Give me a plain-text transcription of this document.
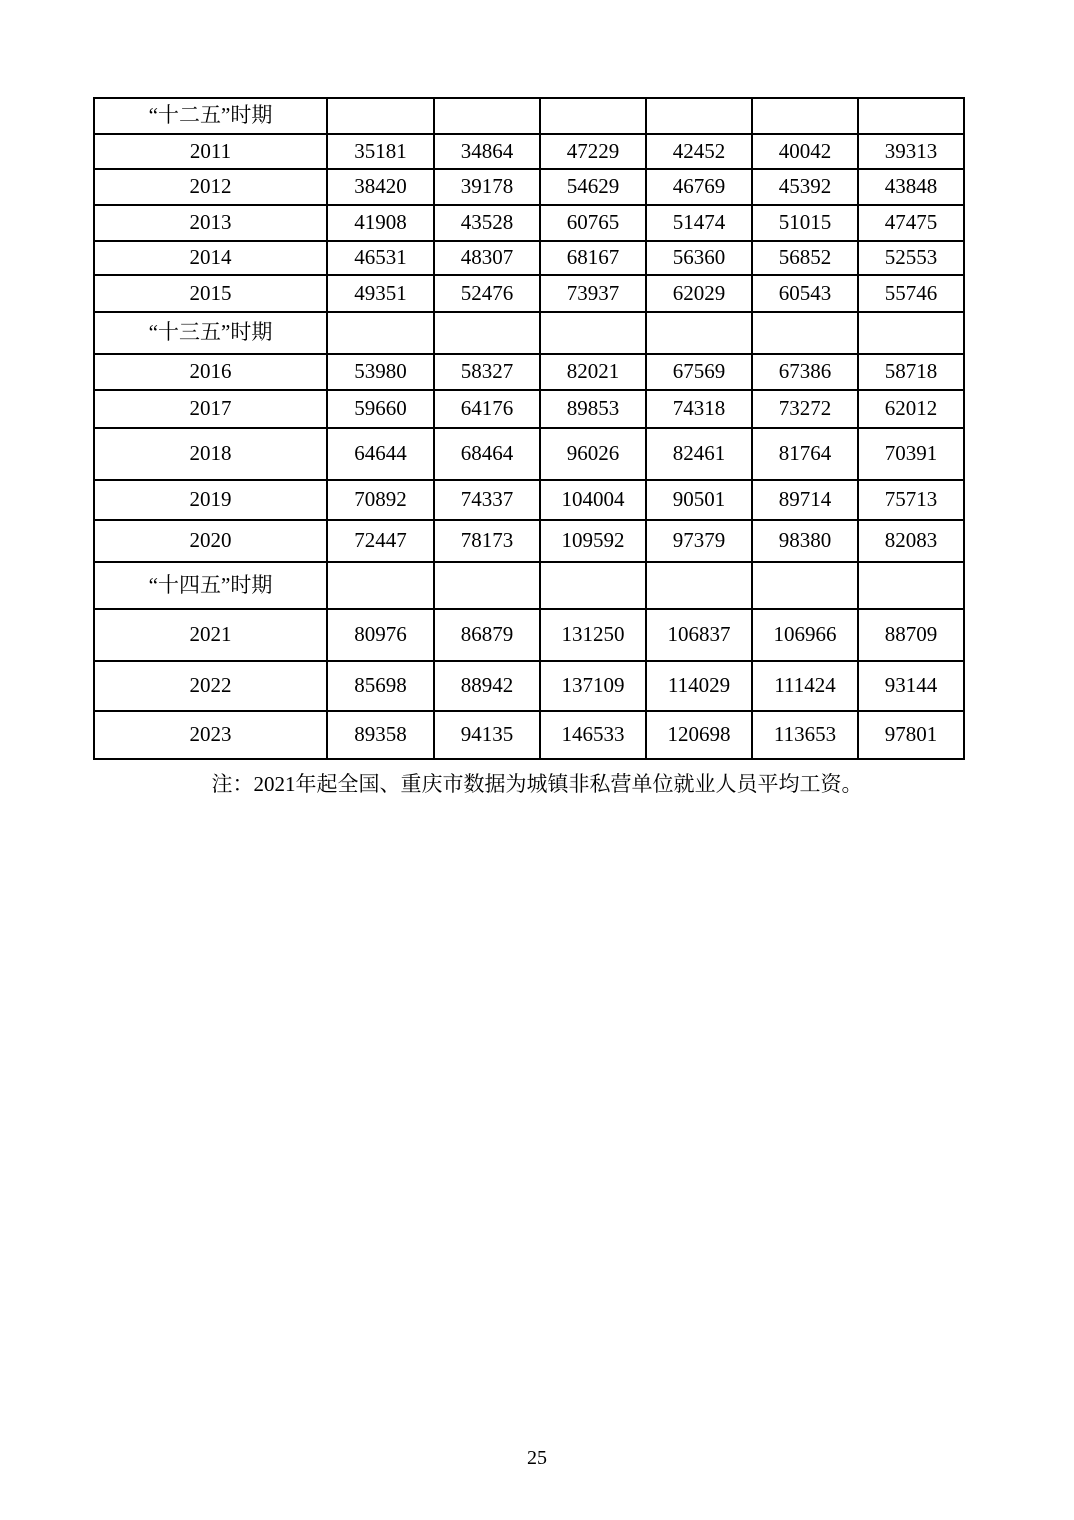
“十二五”时期						
2011	35181	34864	47229	42452	40042	39313
2012	38420	39178	54629	46769	45392	43848
2013	41908	43528	60765	51474	51015	47475
2014	46531	48307	68167	56360	56852	52553
2015	49351	52476	73937	62029	60543	55746
“十三五”时期						
2016	53980	58327	82021	67569	67386	58718
2017	59660	64176	89853	74318	73272	62012
2018	64644	68464	96026	82461	81764	70391
2019	70892	74337	104004	90501	89714	75713
2020	72447	78173	109592	97379	98380	82083
“十四五”时期						
2021	80976	86879	131250	106837	106966	88709
2022	85698	88942	137109	114029	111424	93144
2023	89358	94135	146533	120698	113653	97801
注：2021年起全国、重庆市数据为城镇非私营单位就业人员平均工资。
25
